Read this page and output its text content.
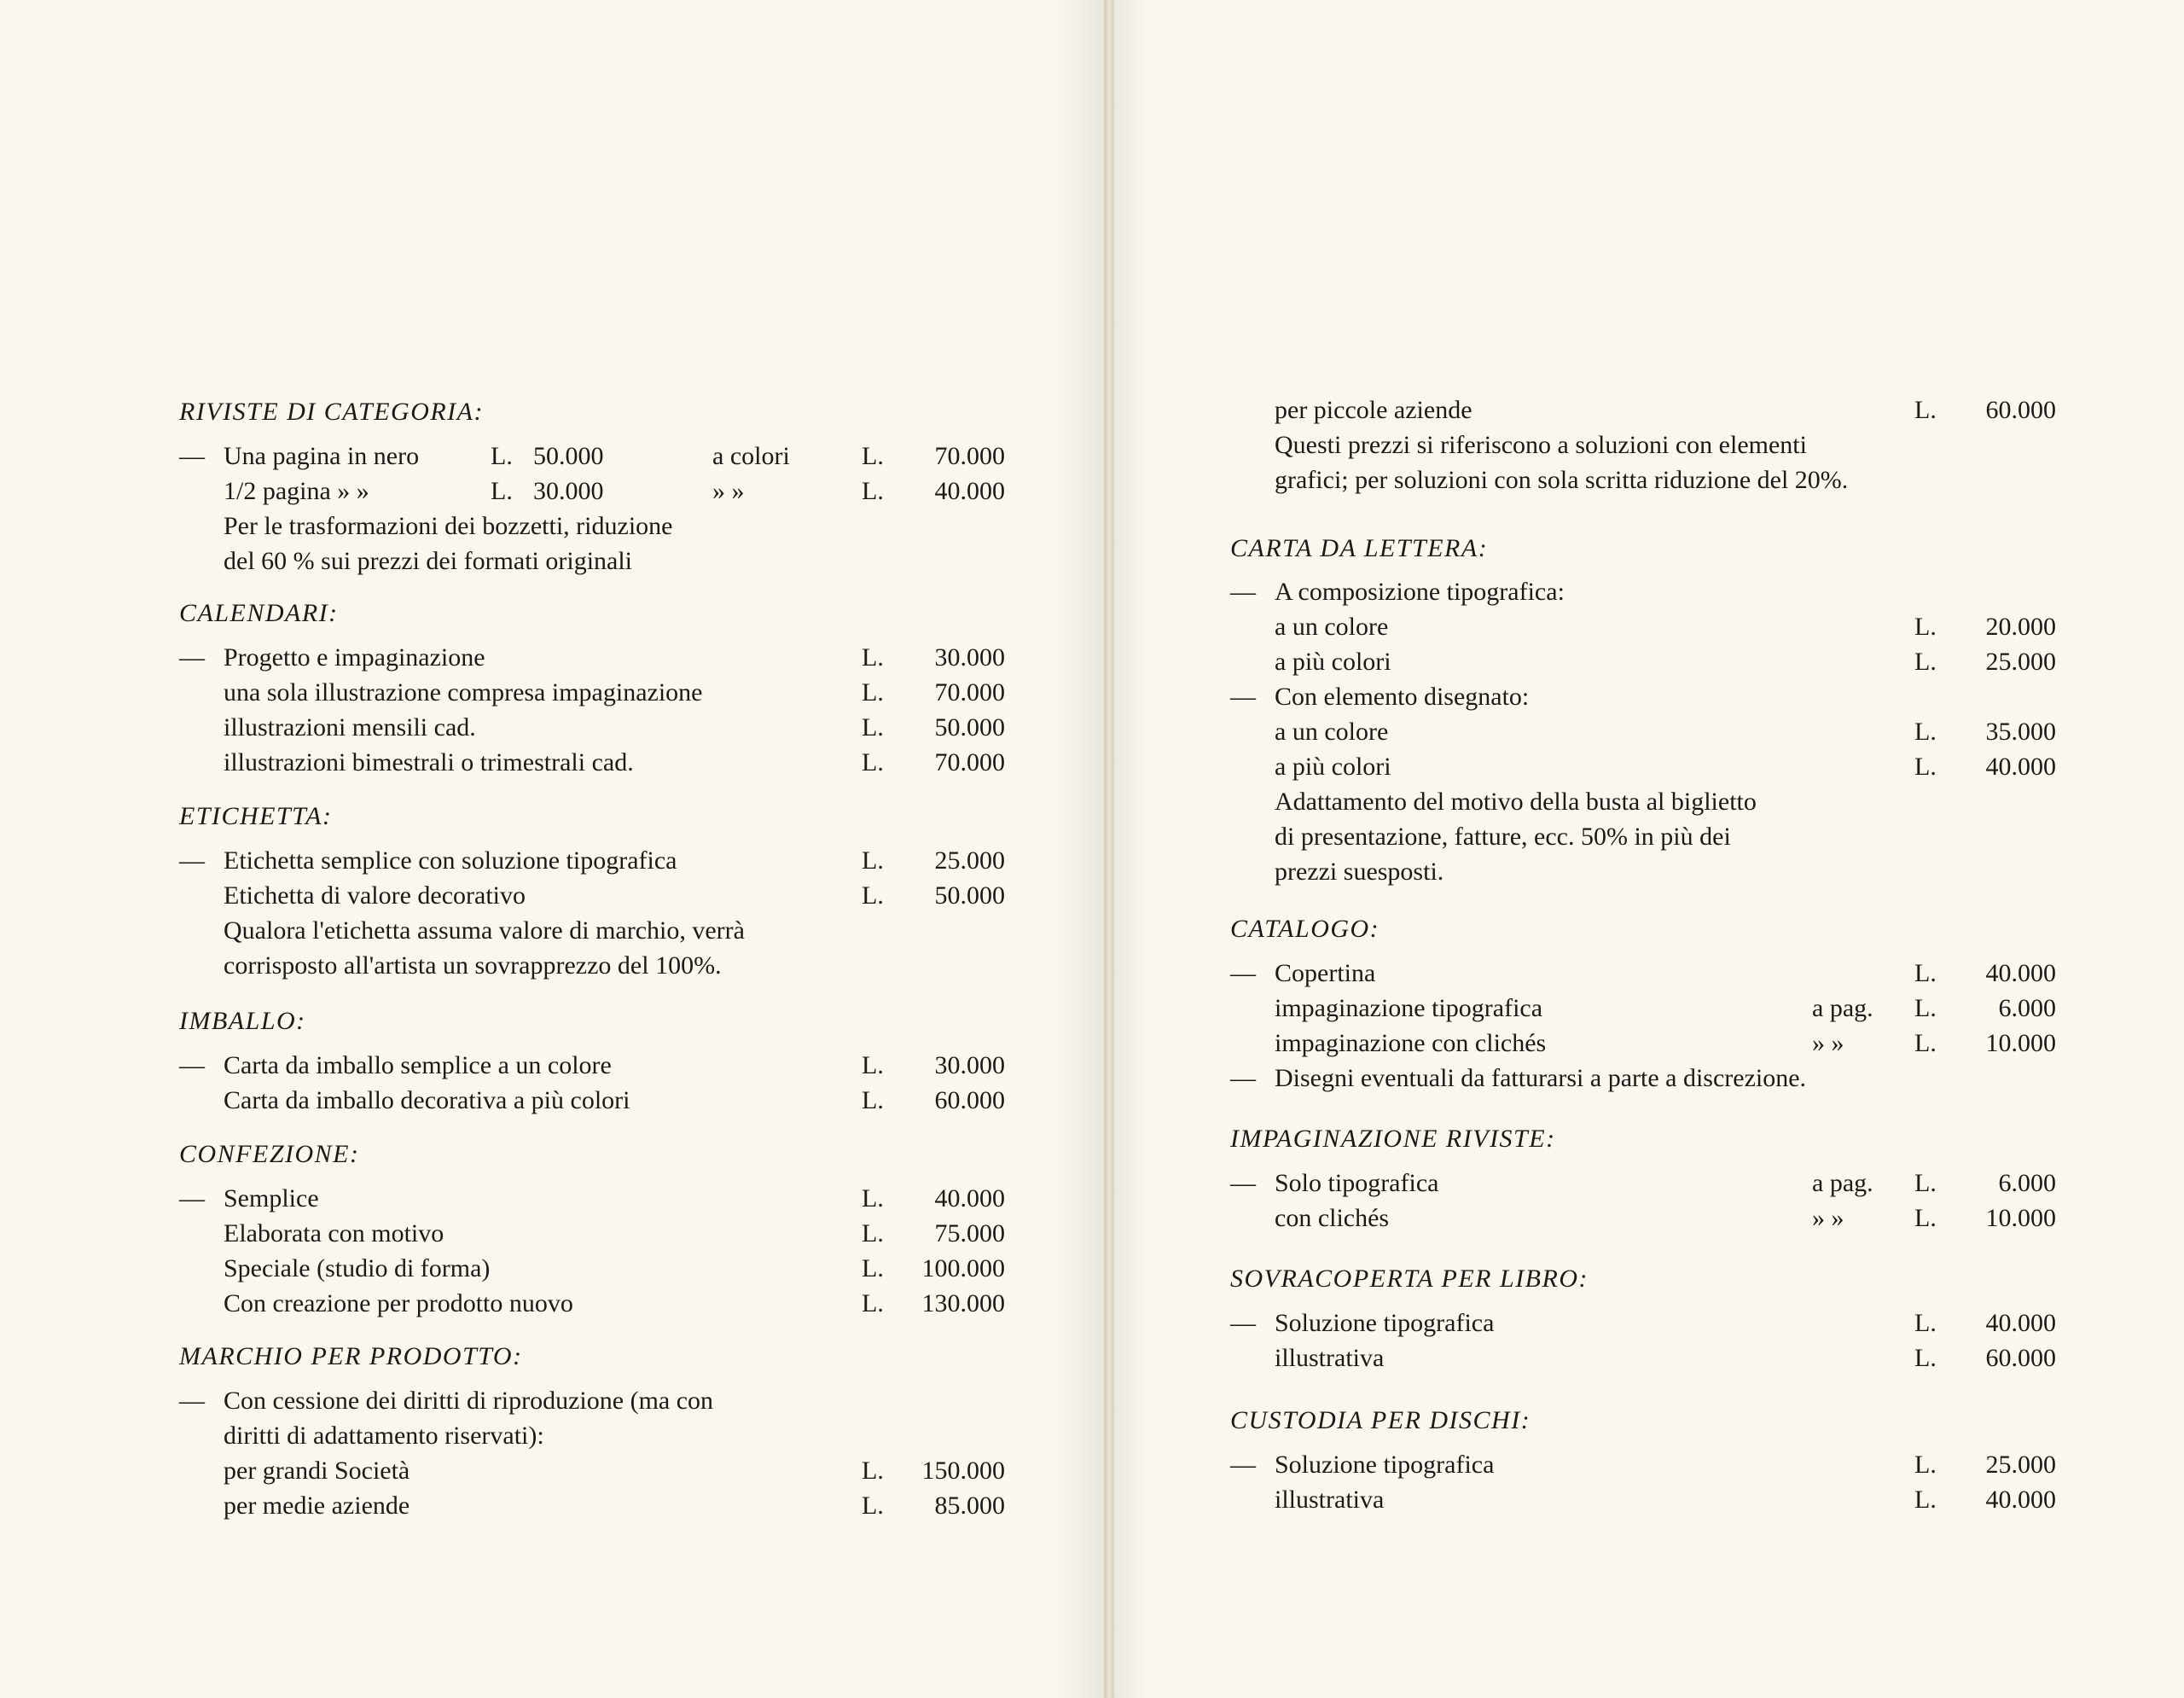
RIVISTE DI CATEGORIA:
— Una pagina in nero	L. 50.000	a colori	L.	70.000
1/2 pagina » »	L. 30.000	» »	L.	40.000
Per le trasformazioni dei bozzetti, riduzione
del 60 % sui prezzi dei formati originali
CALENDARI:
— Progetto e impaginazione	L.	30.000
una sola illustrazione compresa impaginazione	L.	70.000
illustrazioni mensili cad.	L.	50.000
illustrazioni bimestrali o trimestrali cad.	L.	70.000
ETICHETTA:
— Etichetta semplice con soluzione tipografica	L.	25.000
Etichetta di valore decorativo	L.	50.000
Qualora l'etichetta assuma valore di marchio, verrà
corrisposto all'artista un sovrapprezzo del 100%.
IMBALLO:
— Carta da imballo semplice a un colore	L.	30.000
Carta da imballo decorativa a più colori	L.	60.000
CONFEZIONE:
— Semplice	L.	40.000
Elaborata con motivo	L.	75.000
Speciale (studio di forma)	L.	100.000
Con creazione per prodotto nuovo	L.	130.000
MARCHIO PER PRODOTTO:
— Con cessione dei diritti di riproduzione (ma con
diritti di adattamento riservati):
per grandi Società	L.	150.000
per medie aziende	L.	85.000
per piccole aziende	L.	60.000
Questi prezzi si riferiscono a soluzioni con elementi
grafici; per soluzioni con sola scritta riduzione del 20%.
CARTA DA LETTERA:
— A composizione tipografica:
a un colore	L.	20.000
a più colori	L.	25.000
— Con elemento disegnato:
a un colore	L.	35.000
a più colori	L.	40.000
Adattamento del motivo della busta al biglietto
di presentazione, fatture, ecc. 50% in più dei
prezzi suesposti.
CATALOGO:
— Copertina	L.	40.000
impaginazione tipografica	a pag. L.	6.000
impaginazione con clichés	» »	L.	10.000
— Disegni eventuali da fatturarsi a parte a discrezione.
IMPAGINAZIONE RIVISTE:
— Solo tipografica	a pag. L.	6.000
con clichés	» »	L.	10.000
SOVRACOPERTA PER LIBRO:
— Soluzione tipografica	L.	40.000
illustrativa	L.	60.000
CUSTODIA PER DISCHI:
— Soluzione tipografica	L.	25.000
illustrativa	L.	40.000
